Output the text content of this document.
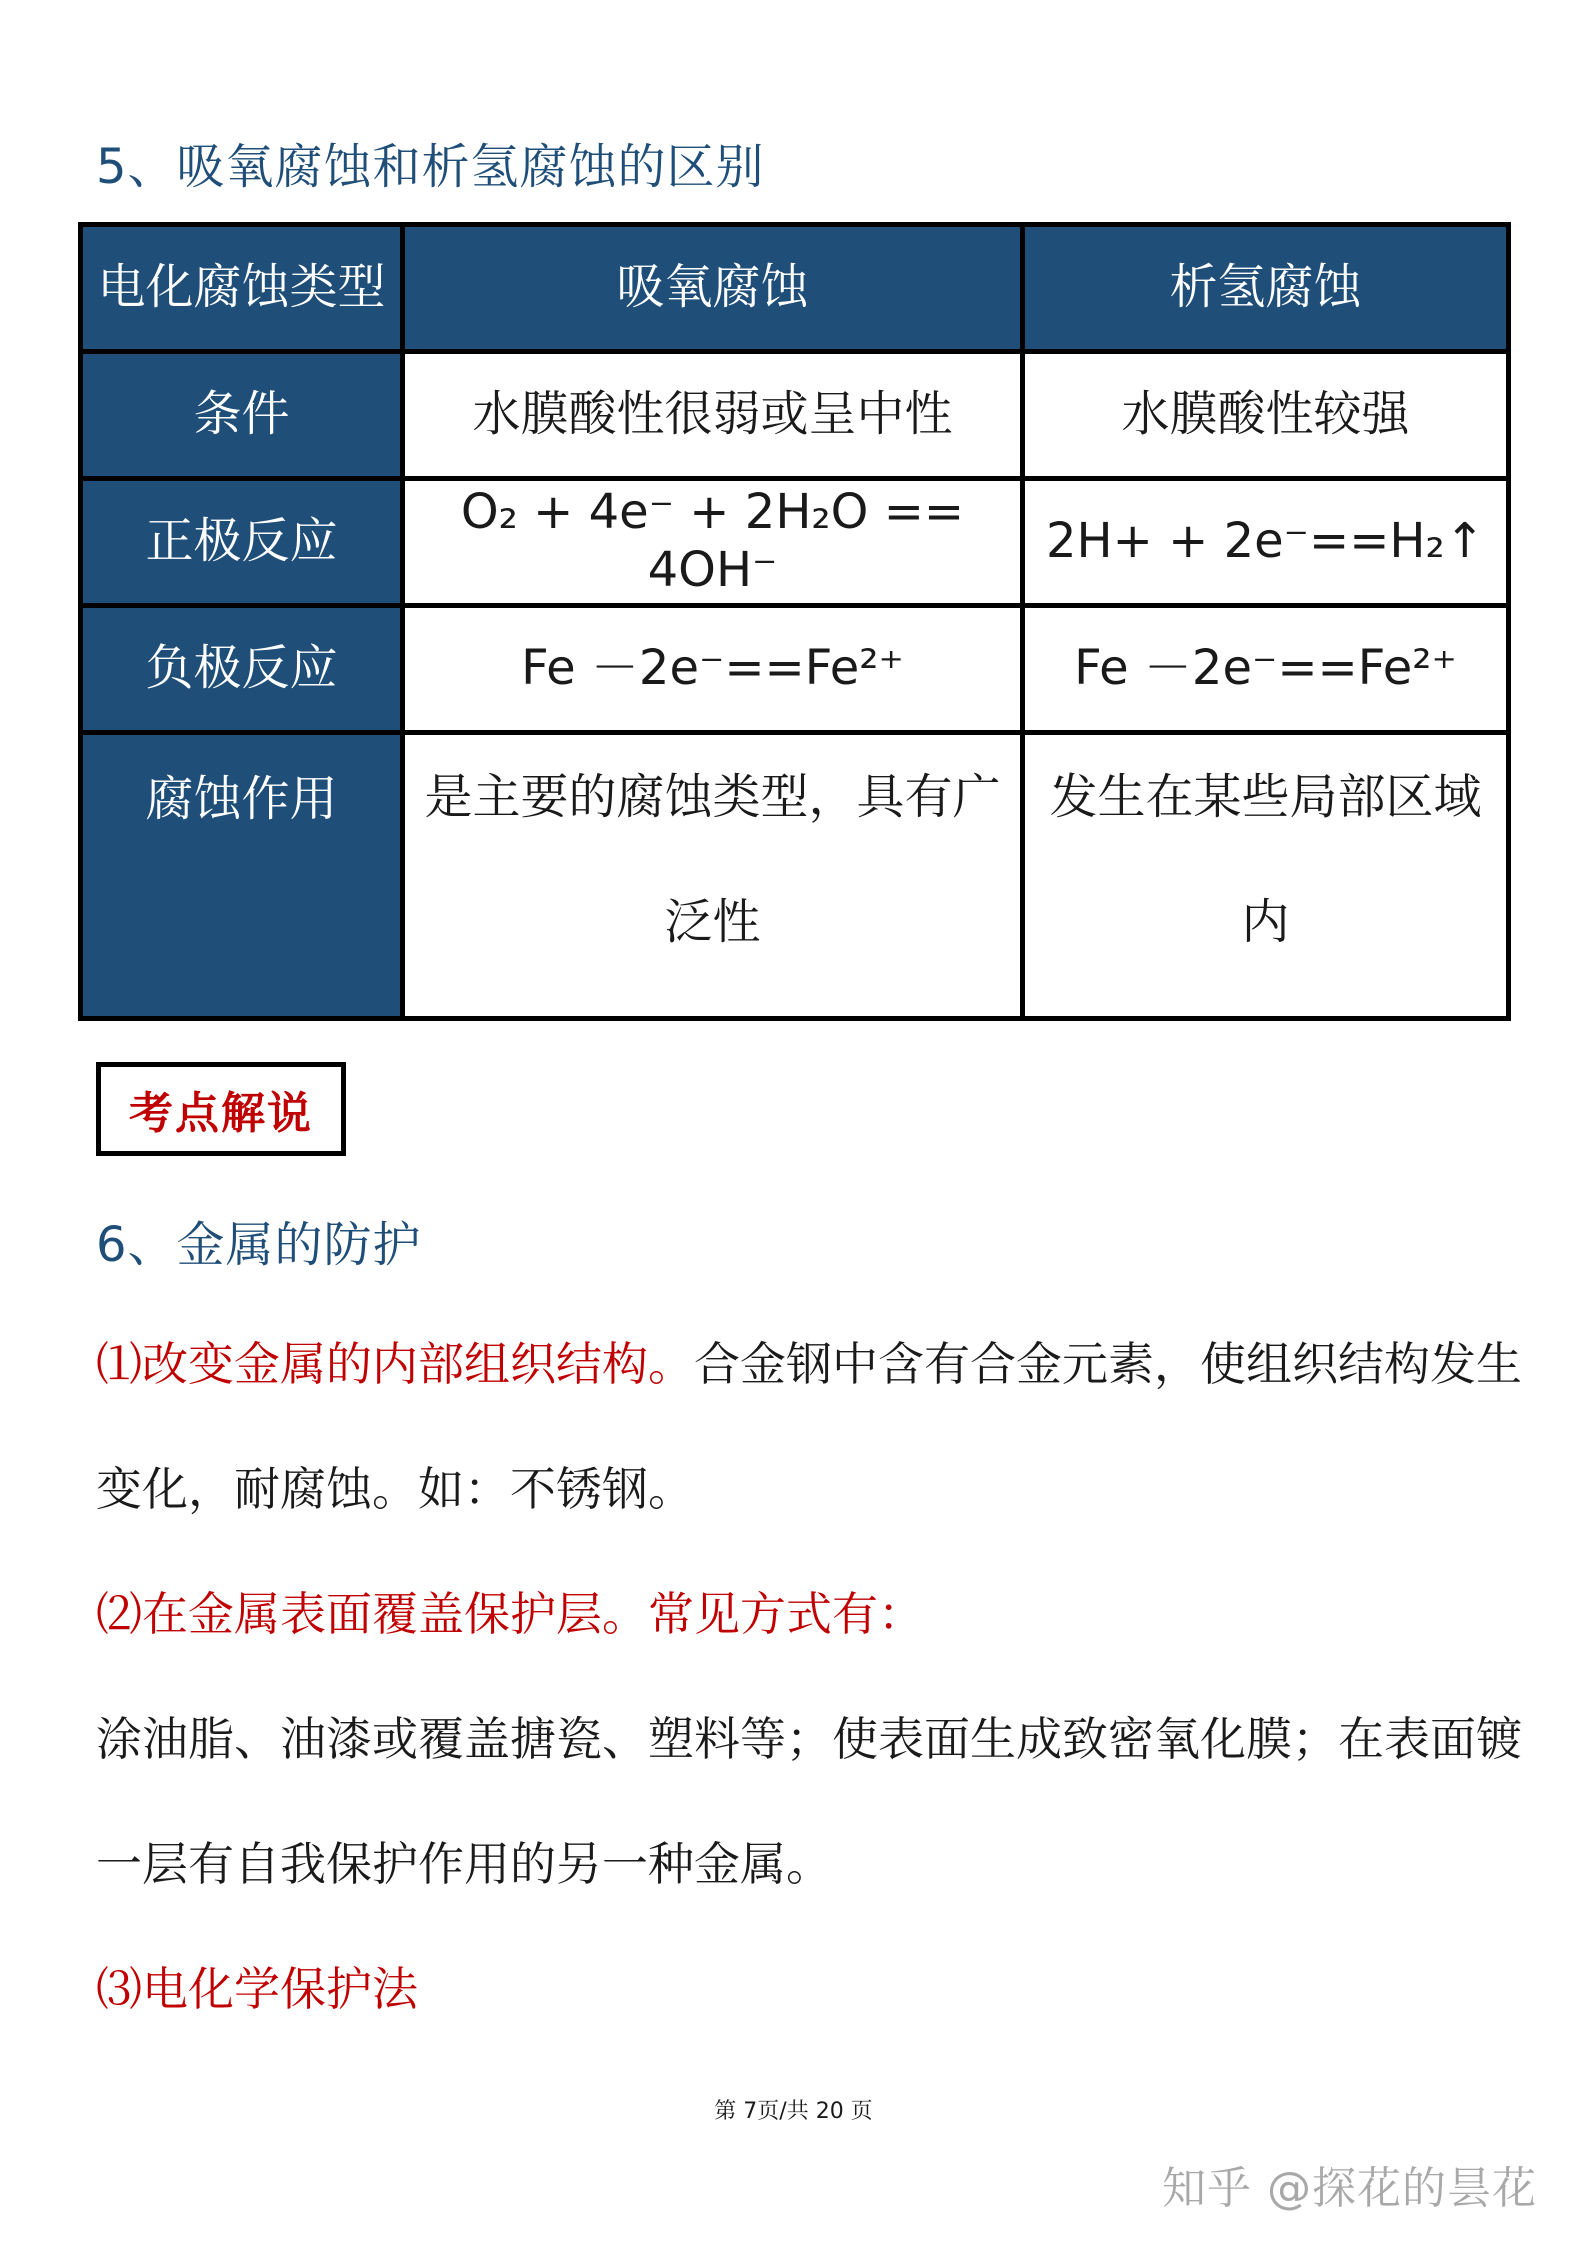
5、吸氧腐蚀和析氢腐蚀的区别
电化腐蚀类型	吸氧腐蚀	析氢腐蚀
条件	水膜酸性很弱或呈中性	水膜酸性较强
正极反应	O₂ + 4e⁻ + 2H₂O == 4OH⁻	2H+ + 2e⁻==H₂↑
负极反应	Fe －2e⁻==Fe²⁺	Fe －2e⁻==Fe²⁺
腐蚀作用	是主要的腐蚀类型，具有广泛性	发生在某些局部区域内
考点解说
6、金属的防护

⑴改变金属的内部组织结构。合金钢中含有合金元素，使组织结构发生

变化，耐腐蚀。如：不锈钢。

⑵在金属表面覆盖保护层。常见方式有：

涂油脂、油漆或覆盖搪瓷、塑料等；使表面生成致密氧化膜；在表面镀

一层有自我保护作用的另一种金属。

⑶电化学保护法

第 7页/共 20 页

知乎 @探花的昙花
